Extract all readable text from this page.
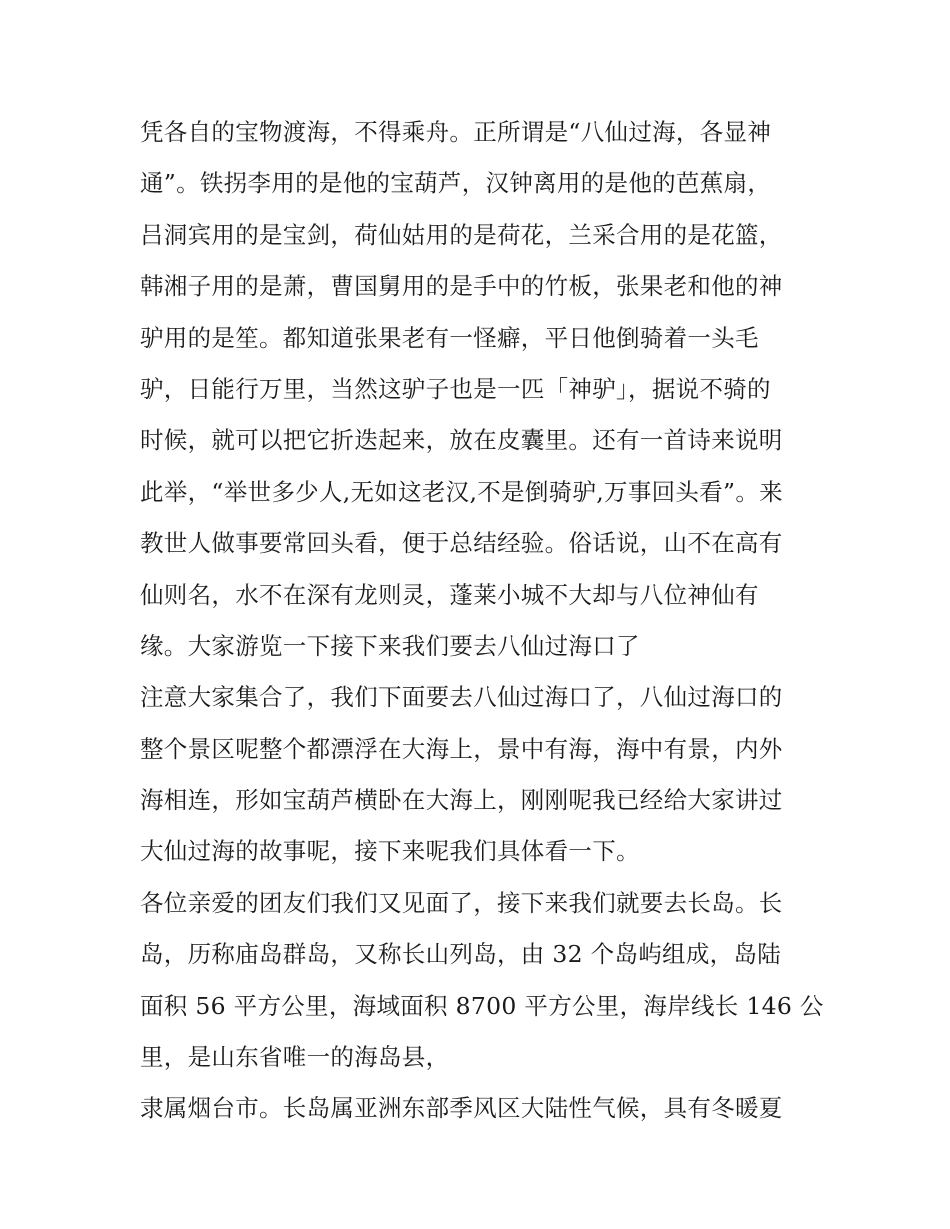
凭各自的宝物渡海，不得乘舟。正所谓是“八仙过海，各显神
通”。铁拐李用的是他的宝葫芦，汉钟离用的是他的芭蕉扇，
吕洞宾用的是宝剑，荷仙姑用的是荷花，兰采合用的是花篮，
韩湘子用的是萧，曹国舅用的是手中的竹板，张果老和他的神
驴用的是笙。都知道张果老有一怪癖，平日他倒骑着一头毛
驴，日能行万里，当然这驴子也是一匹「神驴」，据说不骑的
时候，就可以把它折迭起来，放在皮囊里。还有一首诗来说明
此举，“举世多少人,无如这老汉,不是倒骑驴,万事回头看”。来
教世人做事要常回头看，便于总结经验。俗话说，山不在高有
仙则名，水不在深有龙则灵，蓬莱小城不大却与八位神仙有
缘。大家游览一下接下来我们要去八仙过海口了
注意大家集合了，我们下面要去八仙过海口了，八仙过海口的
整个景区呢整个都漂浮在大海上，景中有海，海中有景，内外
海相连，形如宝葫芦横卧在大海上，刚刚呢我已经给大家讲过
大仙过海的故事呢，接下来呢我们具体看一下。
各位亲爱的团友们我们又见面了，接下来我们就要去长岛。长
岛，历称庙岛群岛，又称长山列岛，由 32 个岛屿组成，岛陆
面积 56 平方公里，海域面积 8700 平方公里，海岸线长 146 公
里，是山东省唯一的海岛县，
隶属烟台市。长岛属亚洲东部季风区大陆性气候，具有冬暖夏
